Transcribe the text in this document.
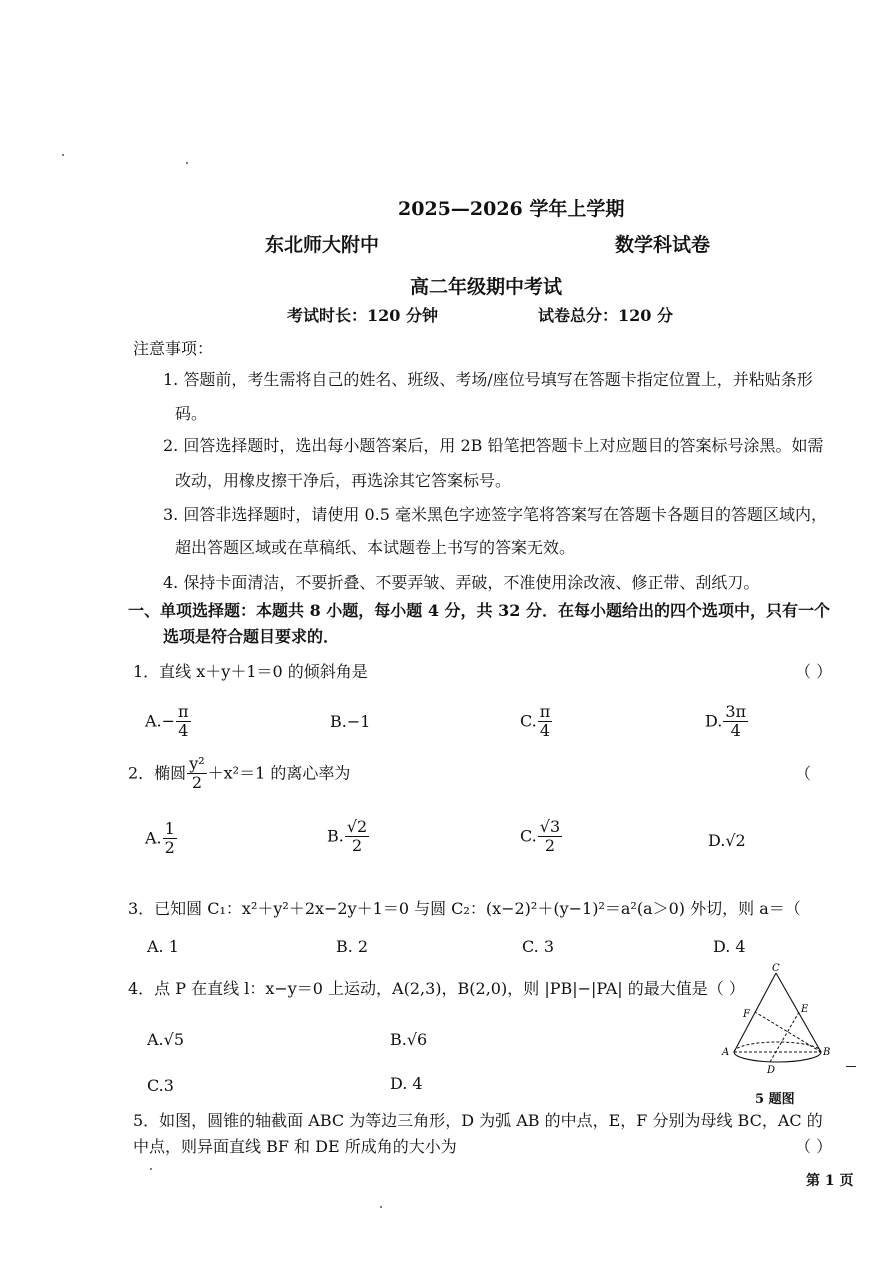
2025—2026 学年上学期
东北师大附中	数学科试卷
高二年级期中考试
考试时长：120 分钟	试卷总分：120 分
注意事项：
1. 答题前，考生需将自己的姓名、班级、考场/座位号填写在答题卡指定位置上，并粘贴条形
码。
2. 回答选择题时，选出每小题答案后，用 2B 铅笔把答题卡上对应题目的答案标号涂黑。如需
改动，用橡皮擦干净后，再选涂其它答案标号。
3. 回答非选择题时，请使用 0.5 毫米黑色字迹签字笔将答案写在答题卡各题目的答题区域内，
超出答题区域或在草稿纸、本试题卷上书写的答案无效。
4. 保持卡面清洁，不要折叠、不要弄皱、弄破，不准使用涂改液、修正带、刮纸刀。
一、单项选择题：本题共 8 小题，每小题 4 分，共 32 分．在每小题给出的四个选项中，只有一个
选项是符合题目要求的．
1．直线 x＋y＋1＝0 的倾斜角是	（ ）
$A.- \frac{\pi}{4}$	B.−1	C. $\frac{\pi}{4}$	D. $\frac{3\pi}{4}$
2．椭圆 $\frac{\text{y²}}{2} +x^2=1$ 的离心率为	（
A. $\frac{1}{2}$	B. $\frac{√2}{2}$	C. $\frac{√3}{2}$	D.√2
3．已知圆 C₁：x²＋y²＋2x−2y＋1＝0 与圆 C₂：(x−2)²＋(y−1)²＝a²(a＞0) 外切，则 a＝（
A. 1	B. 2	C. 3	D. 4
4．点 P 在直线 l：x−y＝0 上运动，A(2,3)，B(2,0)，则 |PB|−|PA| 的最大值是（ ）
A.√5	B.√6
C.3	D. 4
C
F	E
A	B
D
5 题图
5．如图，圆锥的轴截面 ABC 为等边三角形，D 为弧 AB 的中点，E，F 分别为母线 BC，AC 的
中点，则异面直线 BF 和 DE 所成角的大小为	（ ）
第 1 页
